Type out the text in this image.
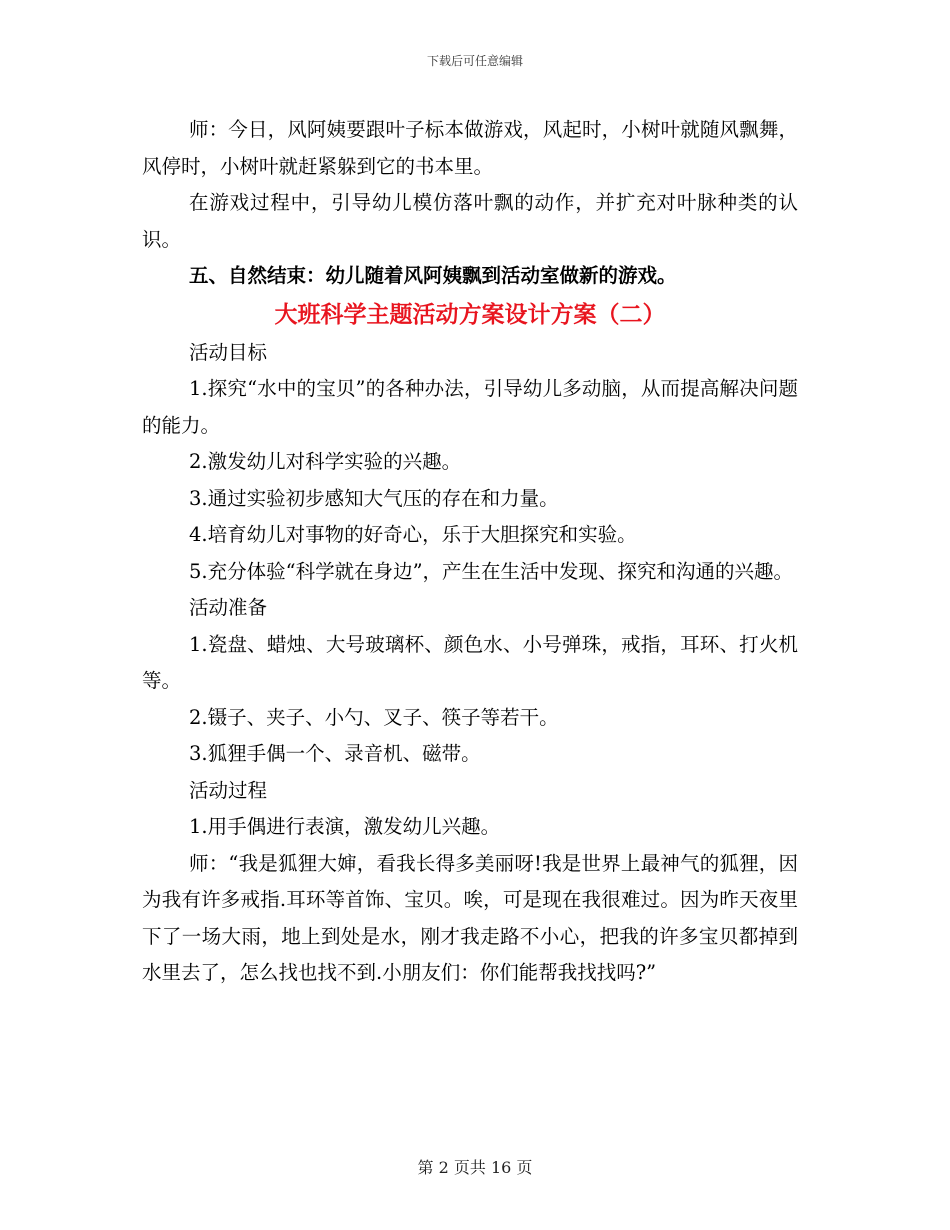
下载后可任意编辑

师：今日，风阿姨要跟叶子标本做游戏，风起时，小树叶就随风飘舞，风停时，小树叶就赶紧躲到它的书本里。

在游戏过程中，引导幼儿模仿落叶飘的动作，并扩充对叶脉种类的认识。

五、自然结束：幼儿随着风阿姨飘到活动室做新的游戏。

大班科学主题活动方案设计方案（二）

活动目标

1.探究“水中的宝贝”的各种办法，引导幼儿多动脑，从而提高解决问题的能力。

2.激发幼儿对科学实验的兴趣。

3.通过实验初步感知大气压的存在和力量。

4.培育幼儿对事物的好奇心，乐于大胆探究和实验。

5.充分体验“科学就在身边”，产生在生活中发现、探究和沟通的兴趣。

活动准备

1.瓷盘、蜡烛、大号玻璃杯、颜色水、小号弹珠，戒指，耳环、打火机等。

2.镊子、夹子、小勺、叉子、筷子等若干。

3.狐狸手偶一个、录音机、磁带。

活动过程

1.用手偶进行表演，激发幼儿兴趣。

师：“我是狐狸大婶，看我长得多美丽呀!我是世界上最神气的狐狸，因为我有许多戒指.耳环等首饰、宝贝。唉，可是现在我很难过。因为昨天夜里下了一场大雨，地上到处是水，刚才我走路不小心，把我的许多宝贝都掉到水里去了，怎么找也找不到.小朋友们：你们能帮我找找吗?”

第 2 页共 16 页
